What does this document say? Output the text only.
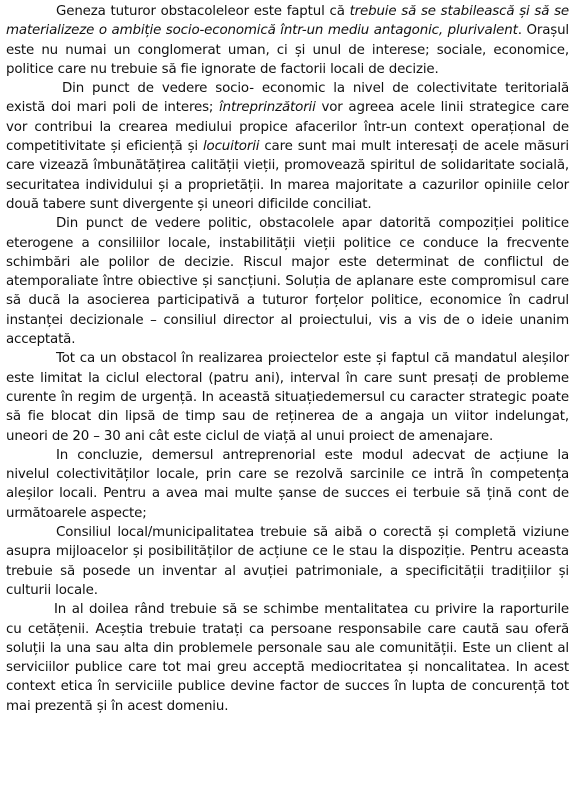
Geneza tuturor obstacoleleor este faptul că trebuie să se stabilească și să se materializeze o ambiție socio-economică într-un mediu antagonic, plurivalent. Orașul este nu numai un conglomerat uman, ci și unul de interese; sociale, economice, politice care nu trebuie să fie ignorate de factorii locali de decizie.

Din punct de vedere socio- economic la nivel de colectivitate teritorială există doi mari poli de interes; întreprinzătorii vor agreea acele linii strategice care vor contribui la crearea mediului propice afacerilor într-un context operațional de competitivitate și eficiență și locuitorii care sunt mai mult interesați de acele măsuri care vizează îmbunătățirea calității vieții, promovează spiritul de solidaritate socială, securitatea individului și a proprietății. In marea majoritate a cazurilor opiniile celor două tabere sunt divergente și uneori dificilde conciliat.

Din punct de vedere politic, obstacolele apar datorită compoziției politice eterogene a consiliilor locale, instabilității vieții politice ce conduce la frecvente schimbări ale polilor de decizie. Riscul major este determinat de conflictul de atemporaliate între obiective și sancțiuni. Soluția de aplanare este compromisul care să ducă la asocierea participativă a tuturor forțelor politice, economice în cadrul instanței decizionale – consiliul director al proiectului, vis a vis de o ideie unanim acceptată.

Tot ca un obstacol în realizarea proiectelor este și faptul că mandatul aleșilor este limitat la ciclul electoral (patru ani), interval în care sunt presați de probleme curente în regim de urgență. In această situațiedemersul cu caracter strategic poate să fie blocat din lipsă de timp sau de reținerea de a angaja un viitor indelungat, uneori de 20 – 30 ani cât este ciclul de viață al unui proiect de amenajare.

In concluzie, demersul antreprenorial este modul adecvat de acțiune la nivelul colectivităților locale, prin care se rezolvă sarcinile ce intră în competența aleșilor locali. Pentru a avea mai multe șanse de succes ei terbuie să țină cont de următoarele aspecte;

Consiliul local/municipalitatea trebuie să aibă o corectă și completă viziune asupra mijloacelor și posibilităților de acțiune ce le stau la dispoziție. Pentru aceasta trebuie să posede un inventar al avuției patrimoniale, a specificității tradițiilor și culturii locale.

In al doilea rând trebuie să se schimbe mentalitatea cu privire la raporturile cu cetățenii. Aceștia trebuie tratați ca persoane responsabile care caută sau oferă soluții la una sau alta din problemele personale sau ale comunității. Este un client al serviciilor publice care tot mai greu acceptă mediocritatea și noncalitatea. In acest context etica în serviciile publice devine factor de succes în lupta de concurență tot mai prezentă și în acest domeniu.
